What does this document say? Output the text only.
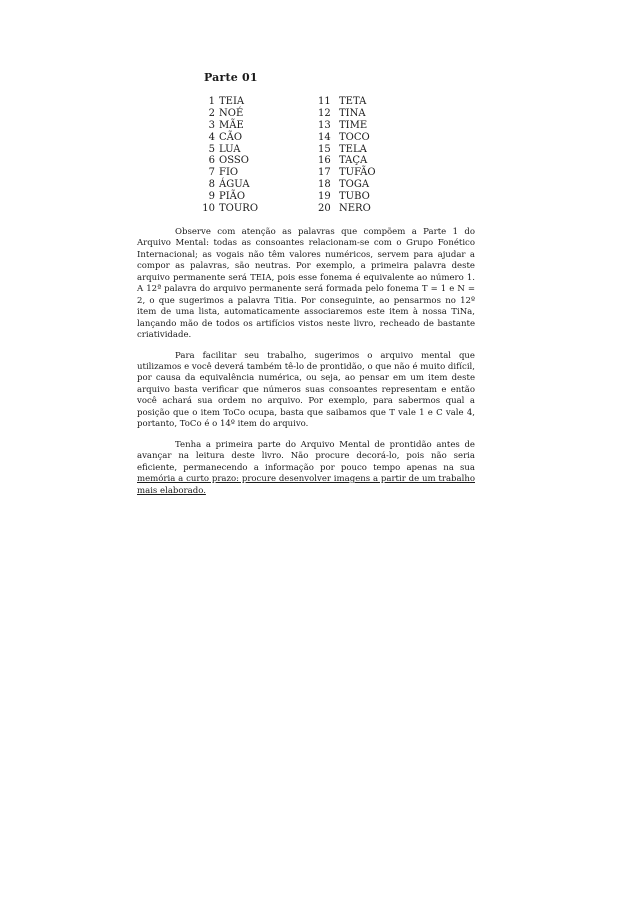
Parte 01
1 TEIA
2 NOÉ
3 MÃE
4 CÃO
5 LUA
6 OSSO
7 FIO
8 ÁGUA
9 PIÃO
10 TOURO
11 TETA
12 TINA
13 TIME
14 TOCO
15 TELA
16 TAÇA
17 TUFÃO
18 TOGA
19 TUBO
20 NERO

Observe com atenção as palavras que compõem a Parte 1 do Arquivo Mental: todas as consoantes relacionam-se com o Grupo Fonético Internacional; as vogais não têm valores numéricos, servem para ajudar a compor as palavras, são neutras. Por exemplo, a primeira palavra deste arquivo permanente será TEIA, pois esse fonema é equivalente ao número 1. A 12ª palavra do arquivo permanente será formada pelo fonema T = 1 e N = 2, o que sugerimos a palavra Titia. Por conseguinte, ao pensarmos no 12º item de uma lista, automaticamente associaremos este item à nossa TiNa, lançando mão de todos os artifícios vistos neste livro, recheado de bastante criatividade.

Para facilitar seu trabalho, sugerimos o arquivo mental que utilizamos e você deverá também tê-lo de prontidão, o que não é muito difícil, por causa da equivalência numérica, ou seja, ao pensar em um item deste arquivo basta verificar que números suas consoantes representam e então você achará sua ordem no arquivo. Por exemplo, para sabermos qual a posição que o item ToCo ocupa, basta que saibamos que T vale 1 e C vale 4, portanto, ToCo é o 14º item do arquivo.

Tenha a primeira parte do Arquivo Mental de prontidão antes de avançar na leitura deste livro. Não procure decorá-lo, pois não seria eficiente, permanecendo a informação por pouco tempo apenas na sua memória a curto prazo: procure desenvolver imagens a partir de um trabalho mais elaborado.
